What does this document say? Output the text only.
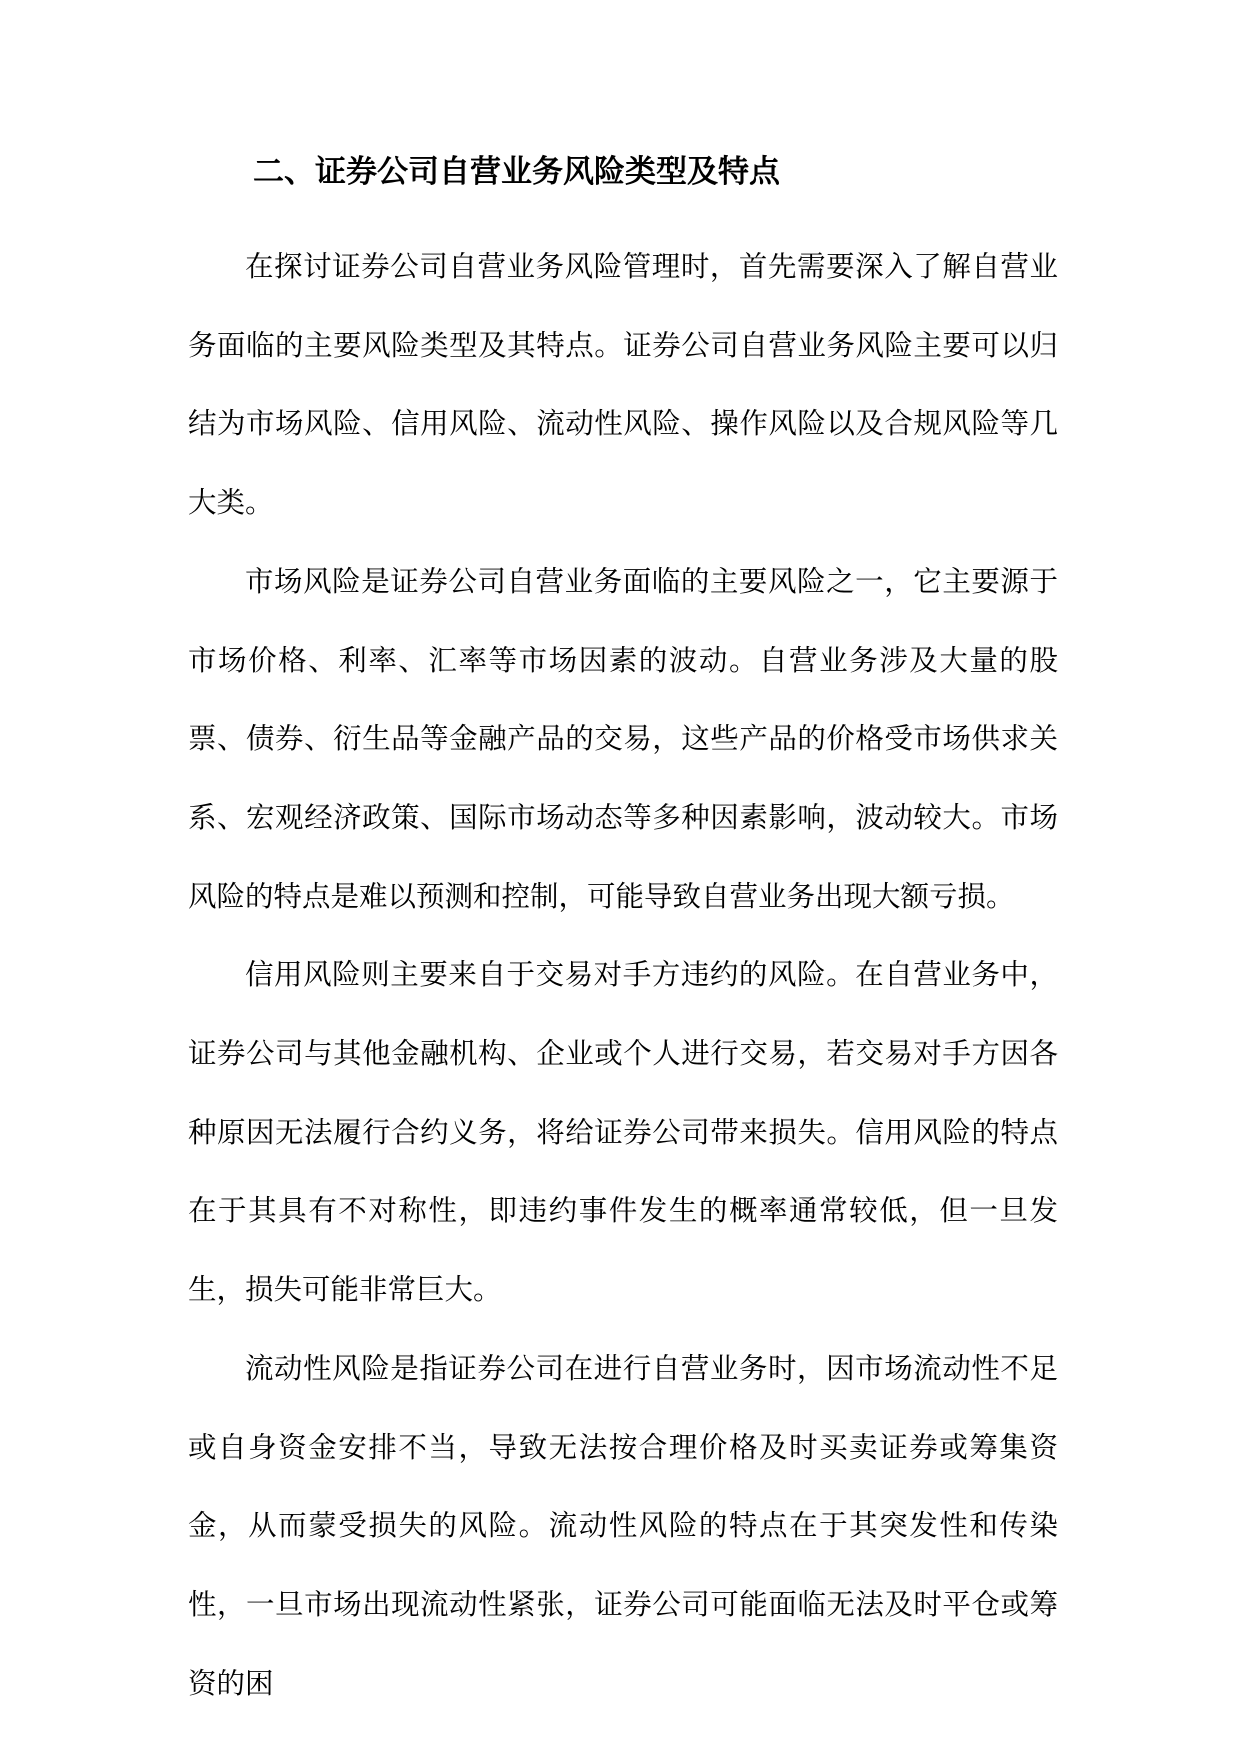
二、证券公司自营业务风险类型及特点

在探讨证券公司自营业务风险管理时，首先需要深入了解自营业务面临的主要风险类型及其特点。证券公司自营业务风险主要可以归结为市场风险、信用风险、流动性风险、操作风险以及合规风险等几大类。

市场风险是证券公司自营业务面临的主要风险之一，它主要源于市场价格、利率、汇率等市场因素的波动。自营业务涉及大量的股票、债券、衍生品等金融产品的交易，这些产品的价格受市场供求关系、宏观经济政策、国际市场动态等多种因素影响，波动较大。市场风险的特点是难以预测和控制，可能导致自营业务出现大额亏损。

信用风险则主要来自于交易对手方违约的风险。在自营业务中，证券公司与其他金融机构、企业或个人进行交易，若交易对手方因各种原因无法履行合约义务，将给证券公司带来损失。信用风险的特点在于其具有不对称性，即违约事件发生的概率通常较低，但一旦发生，损失可能非常巨大。

流动性风险是指证券公司在进行自营业务时，因市场流动性不足或自身资金安排不当，导致无法按合理价格及时买卖证券或筹集资金，从而蒙受损失的风险。流动性风险的特点在于其突发性和传染性，一旦市场出现流动性紧张，证券公司可能面临无法及时平仓或筹资的困
